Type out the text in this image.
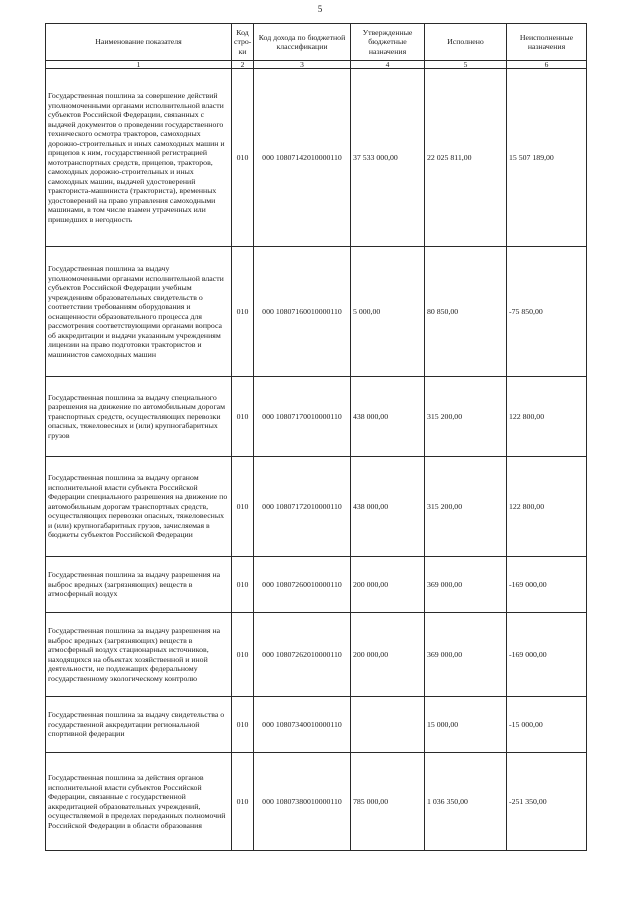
5
Наименование показателя	Код стро-ки	Код дохода по бюджетной классификации	Утвержденные бюджетные назначения	Исполнено	Неисполненные назначения
1	2	3	4	5	6
Государственная пошлина за совершение действий уполномоченными органами исполнительной власти субъектов Российской Федерации, связанных с выдачей документов о проведении государственного технического осмотра тракторов, самоходных дорожно-строительных и иных самоходных машин и прицепов к ним, государственной регистрацией мототранспортных средств, прицепов, тракторов, самоходных дорожно-строительных и иных самоходных машин, выдачей удостоверений тракториста-машиниста (тракториста), временных удостоверений на право управления самоходными машинами, в том числе взамен утраченных или пришедших в негодность	010	000 10807142010000110	37 533 000,00	22 025 811,00	15 507 189,00
Государственная пошлина за выдачу уполномоченными органами исполнительной власти субъектов Российской Федерации учебным учреждениям образовательных свидетельств о соответствии требованиям оборудования и оснащенности образовательного процесса для рассмотрения соответствующими органами вопроса об аккредитации и выдачи указанным учреждениям лицензии на право подготовки трактористов и машинистов самоходных машин	010	000 10807160010000110	5 000,00	80 850,00	-75 850,00
Государственная пошлина за выдачу специального разрешения на движение по автомобильным дорогам транспортных средств, осуществляющих перевозки опасных, тяжеловесных и (или) крупногабаритных грузов	010	000 10807170010000110	438 000,00	315 200,00	122 800,00
Государственная пошлина за выдачу органом исполнительной власти субъекта Российской Федерации специального разрешения на движение по автомобильным дорогам транспортных средств, осуществляющих перевозки опасных, тяжеловесных и (или) крупногабаритных грузов, зачисляемая в бюджеты субъектов Российской Федерации	010	000 10807172010000110	438 000,00	315 200,00	122 800,00
Государственная пошлина за выдачу разрешения на выброс вредных (загрязняющих) веществ в атмосферный воздух	010	000 10807260010000110	200 000,00	369 000,00	-169 000,00
Государственная пошлина за выдачу разрешения на выброс вредных (загрязняющих) веществ в атмосферный воздух стационарных источников, находящихся на объектах хозяйственной и иной деятельности, не подлежащих федеральному государственному экологическому контролю	010	000 10807262010000110	200 000,00	369 000,00	-169 000,00
Государственная пошлина за выдачу свидетельства о государственной аккредитации региональной спортивной федерации	010	000 10807340010000110		15 000,00	-15 000,00
Государственная пошлина за действия органов исполнительной власти субъектов Российской Федерации, связанные с государственной аккредитацией образовательных учреждений, осуществляемой в пределах переданных полномочий Российской Федерации в области образования	010	000 10807380010000110	785 000,00	1 036 350,00	-251 350,00
